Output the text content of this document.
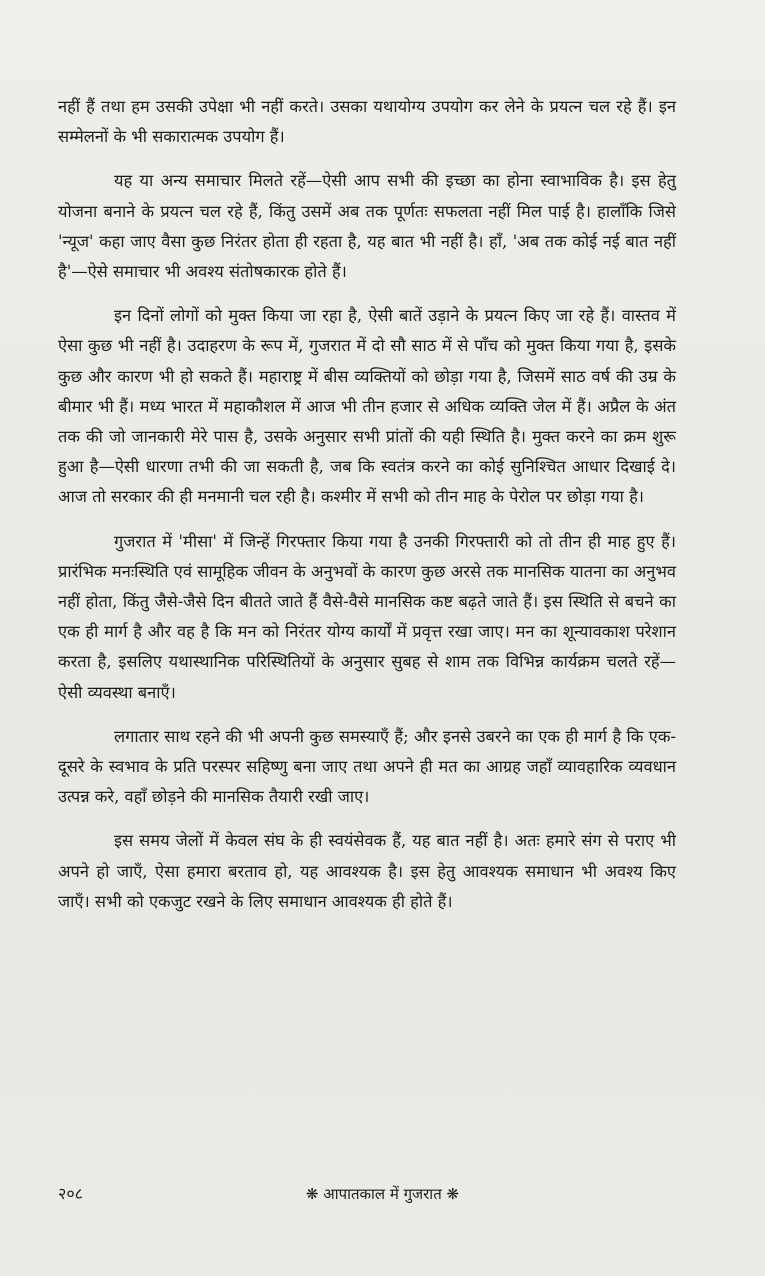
नहीं हैं तथा हम उसकी उपेक्षा भी नहीं करते। उसका यथायोग्य उपयोग कर लेने के प्रयत्न चल रहे हैं। इन सम्मेलनों के भी सकारात्मक उपयोग हैं।

यह या अन्य समाचार मिलते रहें—ऐसी आप सभी की इच्छा का होना स्वाभाविक है। इस हेतु योजना बनाने के प्रयत्न चल रहे हैं, किंतु उसमें अब तक पूर्णतः सफलता नहीं मिल पाई है। हालाँकि जिसे 'न्यूज' कहा जाए वैसा कुछ निरंतर होता ही रहता है, यह बात भी नहीं है। हाँ, 'अब तक कोई नई बात नहीं है'—ऐसे समाचार भी अवश्य संतोषकारक होते हैं।

इन दिनों लोगों को मुक्त किया जा रहा है, ऐसी बातें उड़ाने के प्रयत्न किए जा रहे हैं। वास्तव में ऐसा कुछ भी नहीं है। उदाहरण के रूप में, गुजरात में दो सौ साठ में से पाँच को मुक्त किया गया है, इसके कुछ और कारण भी हो सकते हैं। महाराष्ट्र में बीस व्यक्तियों को छोड़ा गया है, जिसमें साठ वर्ष की उम्र के बीमार भी हैं। मध्य भारत में महाकौशल में आज भी तीन हजार से अधिक व्यक्ति जेल में हैं। अप्रैल के अंत तक की जो जानकारी मेरे पास है, उसके अनुसार सभी प्रांतों की यही स्थिति है। मुक्त करने का क्रम शुरू हुआ है—ऐसी धारणा तभी की जा सकती है, जब कि स्वतंत्र करने का कोई सुनिश्चित आधार दिखाई दे। आज तो सरकार की ही मनमानी चल रही है। कश्मीर में सभी को तीन माह के पेरोल पर छोड़ा गया है।

गुजरात में 'मीसा' में जिन्हें गिरफ्तार किया गया है उनकी गिरफ्तारी को तो तीन ही माह हुए हैं। प्रारंभिक मनःस्थिति एवं सामूहिक जीवन के अनुभवों के कारण कुछ अरसे तक मानसिक यातना का अनुभव नहीं होता, किंतु जैसे-जैसे दिन बीतते जाते हैं वैसे-वैसे मानसिक कष्ट बढ़ते जाते हैं। इस स्थिति से बचने का एक ही मार्ग है और वह है कि मन को निरंतर योग्य कार्यों में प्रवृत्त रखा जाए। मन का शून्यावकाश परेशान करता है, इसलिए यथास्थानिक परिस्थितियों के अनुसार सुबह से शाम तक विभिन्न कार्यक्रम चलते रहें—ऐसी व्यवस्था बनाएँ।

लगातार साथ रहने की भी अपनी कुछ समस्याएँ हैं; और इनसे उबरने का एक ही मार्ग है कि एक-दूसरे के स्वभाव के प्रति परस्पर सहिष्णु बना जाए तथा अपने ही मत का आग्रह जहाँ व्यावहारिक व्यवधान उत्पन्न करे, वहाँ छोड़ने की मानसिक तैयारी रखी जाए।

इस समय जेलों में केवल संघ के ही स्वयंसेवक हैं, यह बात नहीं है। अतः हमारे संग से पराए भी अपने हो जाएँ, ऐसा हमारा बरताव हो, यह आवश्यक है। इस हेतु आवश्यक समाधान भी अवश्य किए जाएँ। सभी को एकजुट रखने के लिए समाधान आवश्यक ही होते हैं।

२०८	❋ आपातकाल में गुजरात ❋
